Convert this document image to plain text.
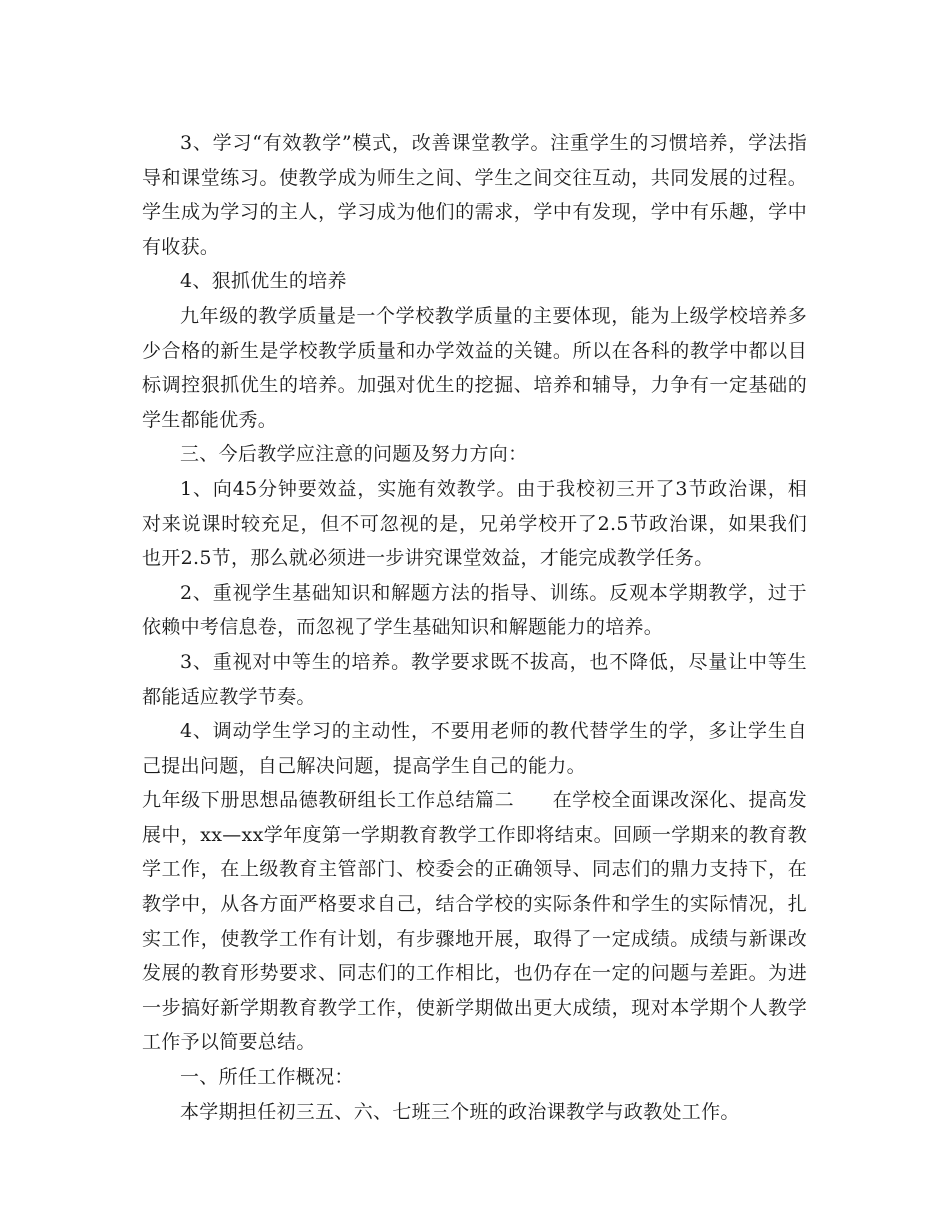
3、学习“有效教学”模式，改善课堂教学。注重学生的习惯培养，学法指导和课堂练习。使教学成为师生之间、学生之间交往互动，共同发展的过程。学生成为学习的主人，学习成为他们的需求，学中有发现，学中有乐趣，学中有收获。

4、狠抓优生的培养

九年级的教学质量是一个学校教学质量的主要体现，能为上级学校培养多少合格的新生是学校教学质量和办学效益的关键。所以在各科的教学中都以目标调控狠抓优生的培养。加强对优生的挖掘、培养和辅导，力争有一定基础的学生都能优秀。

三、今后教学应注意的问题及努力方向：

1、向45分钟要效益，实施有效教学。由于我校初三开了3节政治课，相对来说课时较充足，但不可忽视的是，兄弟学校开了2.5节政治课，如果我们也开2.5节，那么就必须进一步讲究课堂效益，才能完成教学任务。

2、重视学生基础知识和解题方法的指导、训练。反观本学期教学，过于依赖中考信息卷，而忽视了学生基础知识和解题能力的培养。

3、重视对中等生的培养。教学要求既不拔高，也不降低，尽量让中等生都能适应教学节奏。

4、调动学生学习的主动性，不要用老师的教代替学生的学，多让学生自己提出问题，自己解决问题，提高学生自己的能力。

九年级下册思想品德教研组长工作总结篇二 在学校全面课改深化、提高发展中，xx—xx学年度第一学期教育教学工作即将结束。回顾一学期来的教育教学工作，在上级教育主管部门、校委会的正确领导、同志们的鼎力支持下，在教学中，从各方面严格要求自己，结合学校的实际条件和学生的实际情况，扎实工作，使教学工作有计划，有步骤地开展，取得了一定成绩。成绩与新课改发展的教育形势要求、同志们的工作相比，也仍存在一定的问题与差距。为进一步搞好新学期教育教学工作，使新学期做出更大成绩，现对本学期个人教学工作予以简要总结。

一、所任工作概况：

本学期担任初三五、六、七班三个班的政治课教学与政教处工作。
